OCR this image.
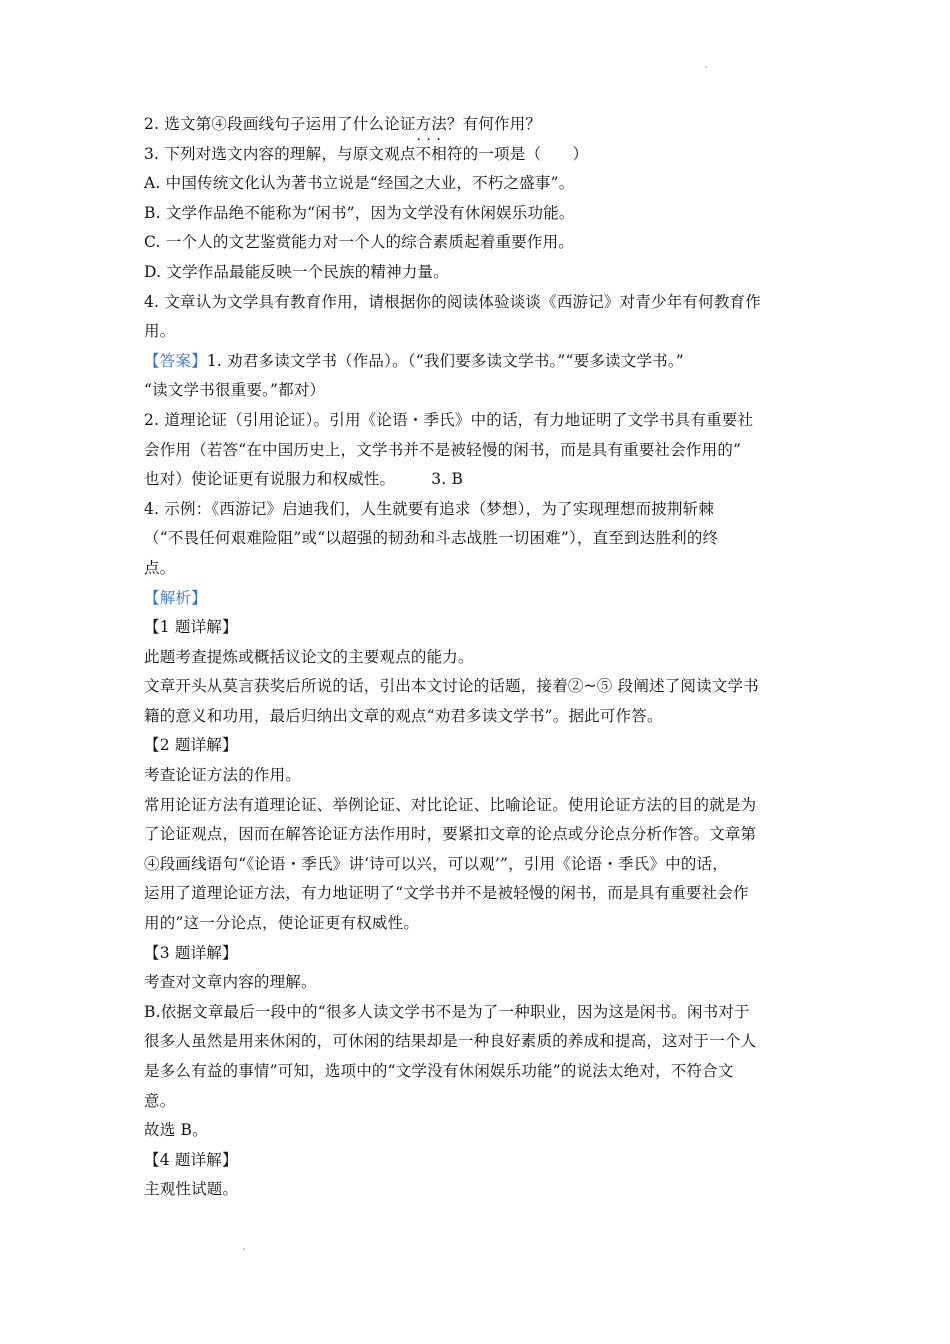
2. 选文第④段画线句子运用了什么论证方法？有何作用？
3. 下列对选文内容的理解，与原文观点· · · 不相符的一项是（　　）
A. 中国传统文化认为著书立说是“经国之大业，不朽之盛事”。
B. 文学作品绝不能称为“闲书”，因为文学没有休闲娱乐功能。
C. 一个人的文艺鉴赏能力对一个人的综合素质起着重要作用。
D. 文学作品最能反映一个民族的精神力量。
4. 文章认为文学具有教育作用，请根据你的阅读体验谈谈《西游记》对青少年有何教育作
用。
【答案】1. 劝君多读文学书（作品）。（“我们要多读文学书。”“要多读文学书。”
“读文学书很重要。”都对）
2. 道理论证（引用论证）。引用《论语・季氏》中的话，有力地证明了文学书具有重要社
会作用（若答“在中国历史上，文学书并不是被轻慢的闲书，而是具有重要社会作用的”
也对）使论证更有说服力和权威性。 3. B
4. 示例：《西游记》启迪我们，人生就要有追求（梦想），为了实现理想而披荆斩棘
（“不畏任何艰难险阻”或“以超强的韧劲和斗志战胜一切困难”），直至到达胜利的终
点。
【解析】
【1 题详解】
此题考查提炼或概括议论文的主要观点的能力。
文章开头从莫言获奖后所说的话，引出本文讨论的话题，接着②~⑤ 段阐述了阅读文学书
籍的意义和功用，最后归纳出文章的观点“劝君多读文学书”。据此可作答。
【2 题详解】
考查论证方法的作用。
常用论证方法有道理论证、举例论证、对比论证、比喻论证。使用论证方法的目的就是为
了论证观点，因而在解答论证方法作用时，要紧扣文章的论点或分论点分析作答。文章第
④段画线语句“《论语・季氏》讲‘诗可以兴，可以观’”，引用《论语・季氏》中的话，
运用了道理论证方法，有力地证明了“文学书并不是被轻慢的闲书，而是具有重要社会作
用的”这一分论点，使论证更有权威性。
【3 题详解】
考查对文章内容的理解。
B.依据文章最后一段中的“很多人读文学书不是为了一种职业，因为这是闲书。闲书对于
很多人虽然是用来休闲的，可休闲的结果却是一种良好素质的养成和提高，这对于一个人
是多么有益的事情”可知，选项中的“文学没有休闲娱乐功能”的说法太绝对，不符合文
意。
故选 B。
【4 题详解】
主观性试题。
